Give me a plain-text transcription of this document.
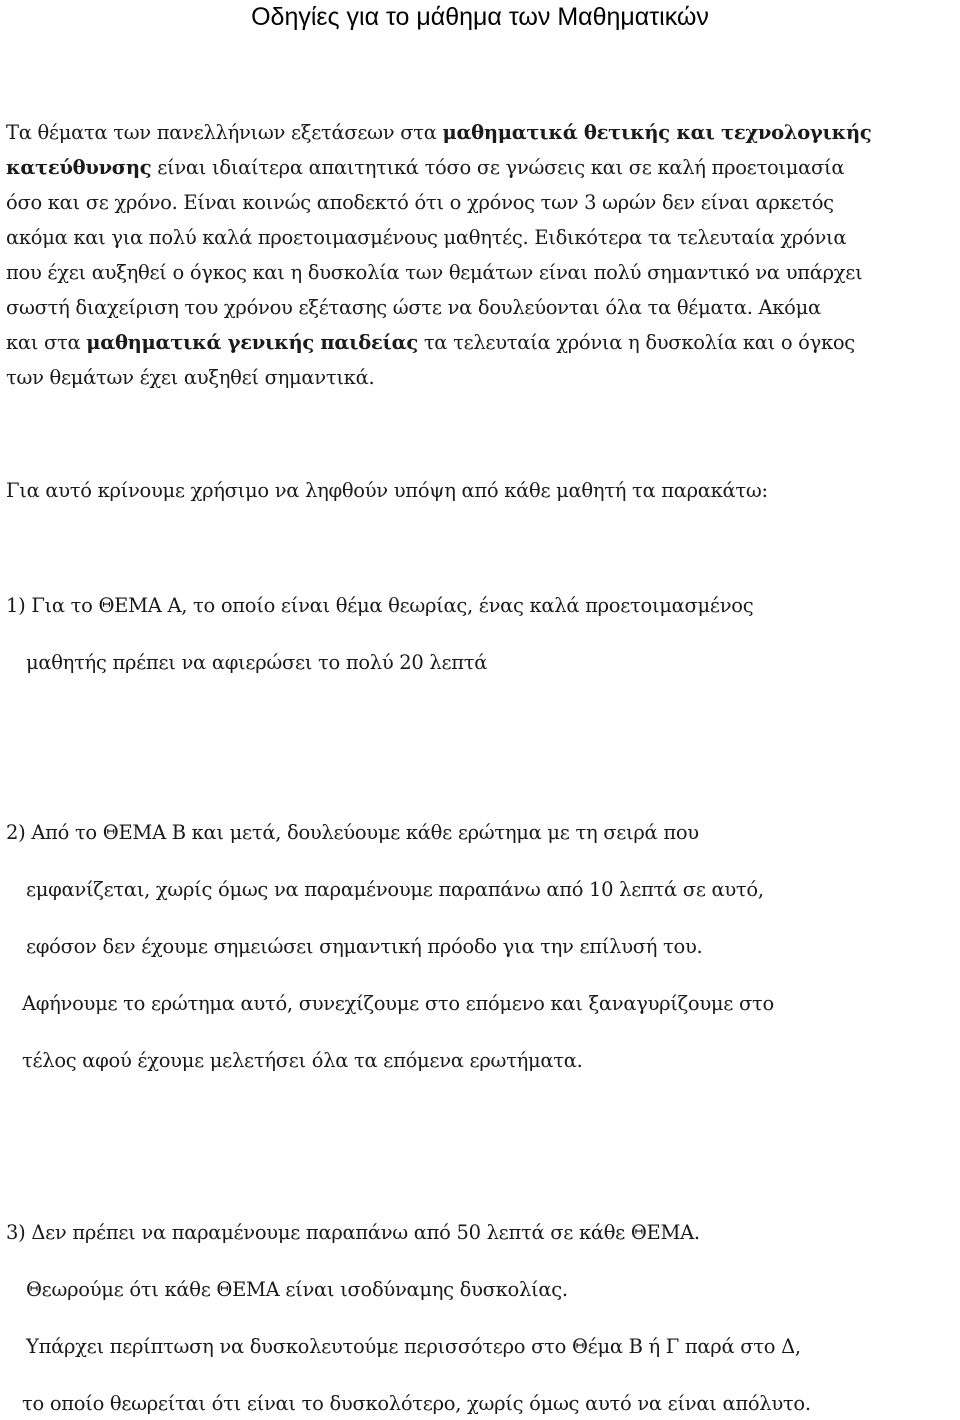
Οδηγίες για το μάθημα των Μαθηματικών
Τα θέματα των πανελλήνιων εξετάσεων στα μαθηματικά θετικής και τεχνολογικής
κατεύθυνσης είναι ιδιαίτερα απαιτητικά τόσο σε γνώσεις και σε καλή προετοιμασία
όσο και σε χρόνο. Είναι κοινώς αποδεκτό ότι ο χρόνος των 3 ωρών δεν είναι αρκετός
ακόμα και για πολύ καλά προετοιμασμένους μαθητές. Ειδικότερα τα τελευταία χρόνια
που έχει αυξηθεί ο όγκος και η δυσκολία των θεμάτων είναι πολύ σημαντικό να υπάρχει
σωστή διαχείριση του χρόνου εξέτασης ώστε να δουλεύονται όλα τα θέματα. Ακόμα
και στα μαθηματικά γενικής παιδείας τα τελευταία χρόνια η δυσκολία και ο όγκος
των θεμάτων έχει αυξηθεί σημαντικά.
Για αυτό κρίνουμε χρήσιμο να ληφθούν υπόψη από κάθε μαθητή τα παρακάτω:
1) Για το ΘΕΜΑ Α, το οποίο είναι θέμα θεωρίας, ένας καλά προετοιμασμένος
μαθητής πρέπει να αφιερώσει το πολύ 20 λεπτά
2) Από το ΘΕΜΑ Β και μετά, δουλεύουμε κάθε ερώτημα με τη σειρά που
εμφανίζεται, χωρίς όμως να παραμένουμε παραπάνω από 10 λεπτά σε αυτό,
εφόσον δεν έχουμε σημειώσει σημαντική πρόοδο για την επίλυσή του.
Αφήνουμε το ερώτημα αυτό, συνεχίζουμε στο επόμενο και ξαναγυρίζουμε στο
τέλος αφού έχουμε μελετήσει όλα τα επόμενα ερωτήματα.
3) Δεν πρέπει να παραμένουμε παραπάνω από 50 λεπτά σε κάθε ΘΕΜΑ.
Θεωρούμε ότι κάθε ΘΕΜΑ είναι ισοδύναμης δυσκολίας.
Υπάρχει περίπτωση να δυσκολευτούμε περισσότερο στο Θέμα Β ή Γ παρά στο Δ,
το οποίο θεωρείται ότι είναι το δυσκολότερο, χωρίς όμως αυτό να είναι απόλυτο.
